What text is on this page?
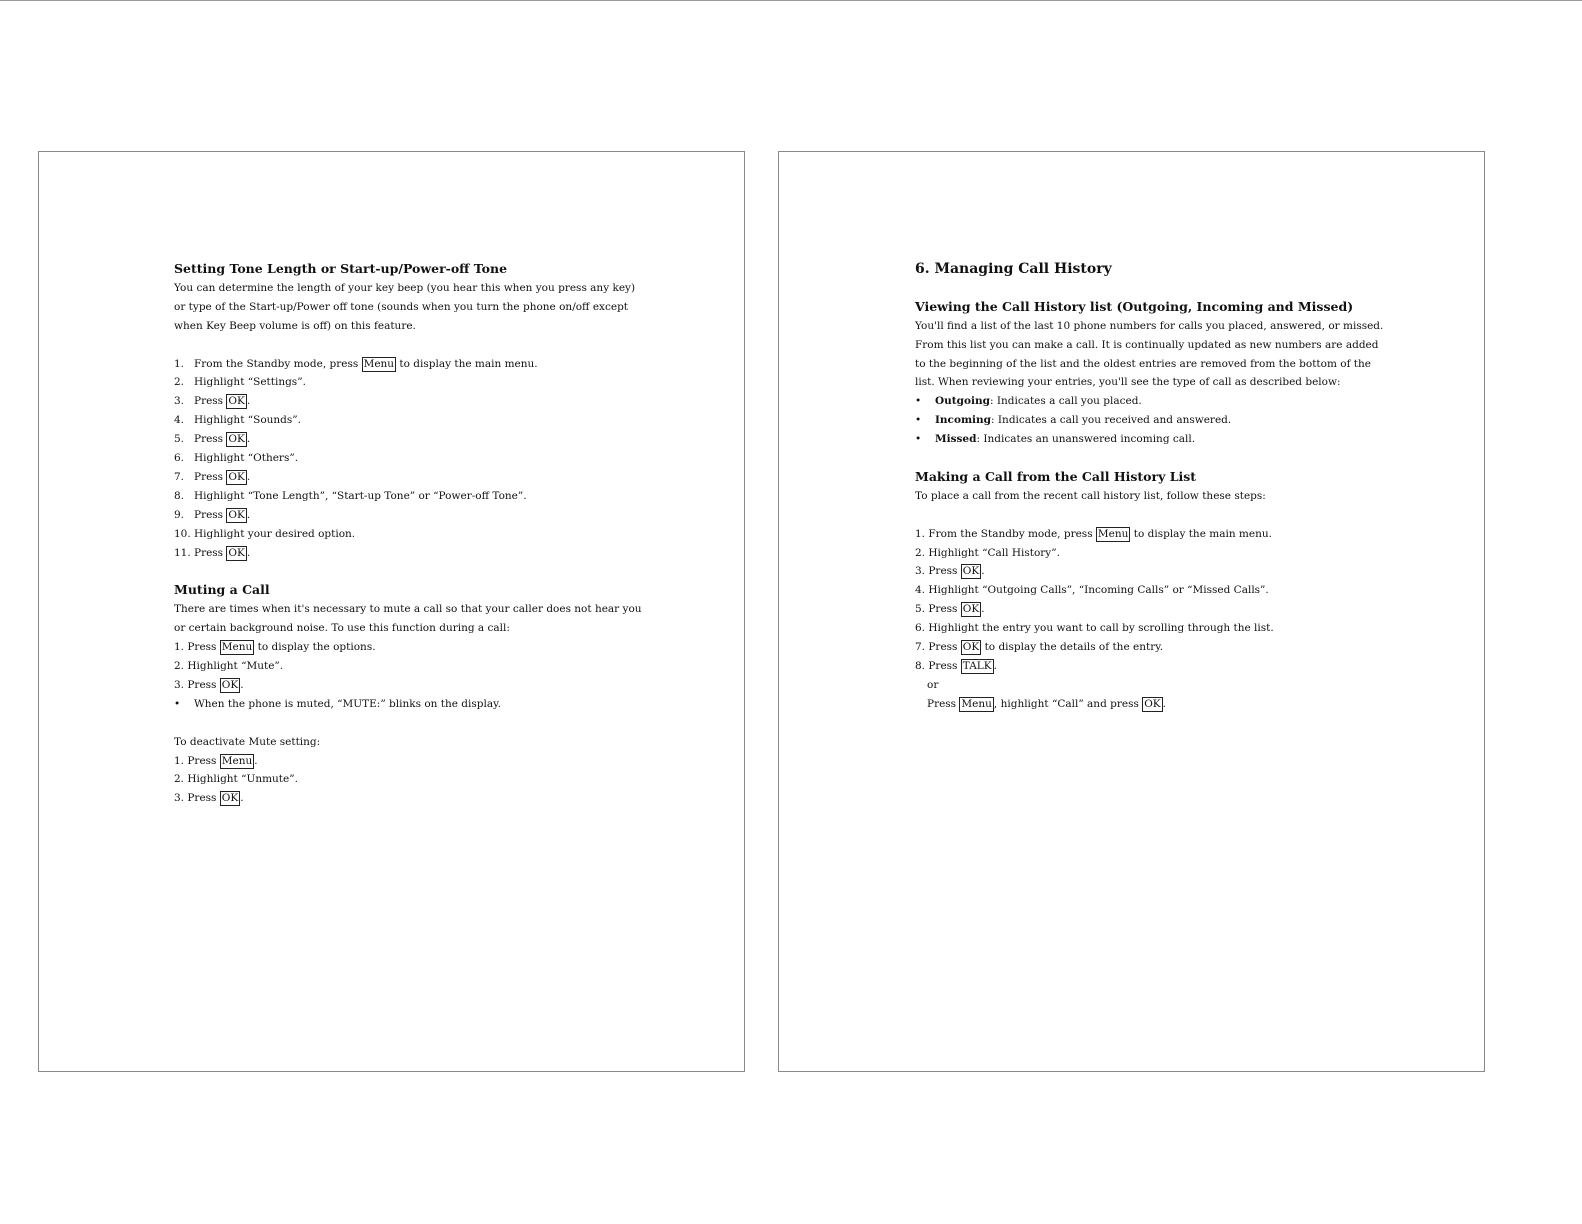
Setting Tone Length or Start-up/Power-off Tone
You can determine the length of your key beep (you hear this when you press any key)
or type of the Start-up/Power off tone (sounds when you turn the phone on/off except
when Key Beep volume is off) on this feature.
1. From the Standby mode, press Menu to display the main menu.
2. Highlight “Settings”.
3. Press OK .
4. Highlight “Sounds”.
5. Press OK .
6. Highlight “Others”.
7. Press OK .
8. Highlight “Tone Length”, “Start-up Tone” or “Power-off Tone”.
9. Press OK .
10. Highlight your desired option.
11. Press OK .
Muting a Call
There are times when it's necessary to mute a call so that your caller does not hear you
or certain background noise. To use this function during a call:
1. Press Menu to display the options.
2. Highlight “Mute”.
3. Press OK .
• When the phone is muted, “MUTE:” blinks on the display.
To deactivate Mute setting:
1. Press Menu .
2. Highlight “Unmute”.
3. Press OK .
6. Managing Call History
Viewing the Call History list (Outgoing, Incoming and Missed)
You'll find a list of the last 10 phone numbers for calls you placed, answered, or missed.
From this list you can make a call. It is continually updated as new numbers are added
to the beginning of the list and the oldest entries are removed from the bottom of the
list. When reviewing your entries, you'll see the type of call as described below:
• Outgoing: Indicates a call you placed.
• Incoming: Indicates a call you received and answered.
• Missed: Indicates an unanswered incoming call.
Making a Call from the Call History List
To place a call from the recent call history list, follow these steps:
1. From the Standby mode, press Menu to display the main menu.
2. Highlight “Call History”.
3. Press OK .
4. Highlight “Outgoing Calls”, “Incoming Calls” or “Missed Calls”.
5. Press OK .
6. Highlight the entry you want to call by scrolling through the list.
7. Press OK to display the details of the entry.
8. Press TALK .
or
Press Menu , highlight “Call” and press OK .
